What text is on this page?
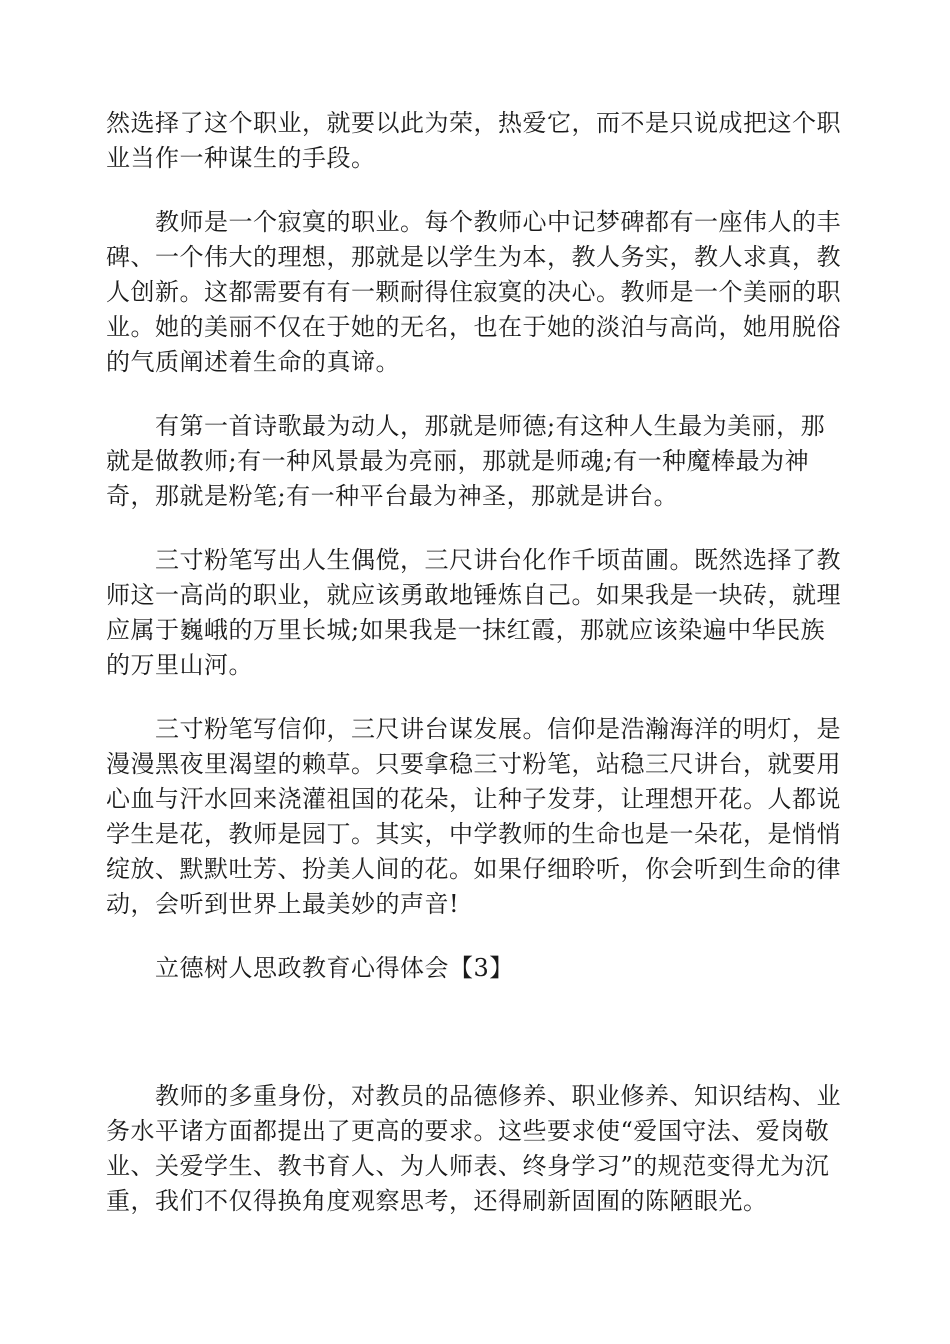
然选择了这个职业，就要以此为荣，热爱它，而不是只说成把这个职业当作一种谋生的手段。

教师是一个寂寞的职业。每个教师心中记梦碑都有一座伟人的丰碑、一个伟大的理想，那就是以学生为本，教人务实，教人求真，教人创新。这都需要有有一颗耐得住寂寞的决心。教师是一个美丽的职业。她的美丽不仅在于她的无名，也在于她的淡泊与高尚，她用脱俗的气质阐述着生命的真谛。

有第一首诗歌最为动人，那就是师德;有这种人生最为美丽，那就是做教师;有一种风景最为亮丽，那就是师魂;有一种魔棒最为神奇，那就是粉笔;有一种平台最为神圣，那就是讲台。

三寸粉笔写出人生偶傥，三尺讲台化作千顷苗圃。既然选择了教师这一高尚的职业，就应该勇敢地锤炼自己。如果我是一块砖，就理应属于巍峨的万里长城;如果我是一抹红霞，那就应该染遍中华民族的万里山河。

三寸粉笔写信仰，三尺讲台谋发展。信仰是浩瀚海洋的明灯，是漫漫黑夜里渴望的赖草。只要拿稳三寸粉笔，站稳三尺讲台，就要用心血与汗水回来浇灌祖国的花朵，让种子发芽，让理想开花。人都说学生是花，教师是园丁。其实，中学教师的生命也是一朵花，是悄悄绽放、默默吐芳、扮美人间的花。如果仔细聆听，你会听到生命的律动，会听到世界上最美妙的声音!

立德树人思政教育心得体会【3】

教师的多重身份，对教员的品德修养、职业修养、知识结构、业务水平诸方面都提出了更高的要求。这些要求使“爱国守法、爱岗敬业、关爱学生、教书育人、为人师表、终身学习”的规范变得尤为沉重，我们不仅得换角度观察思考，还得刷新固囿的陈陋眼光。
